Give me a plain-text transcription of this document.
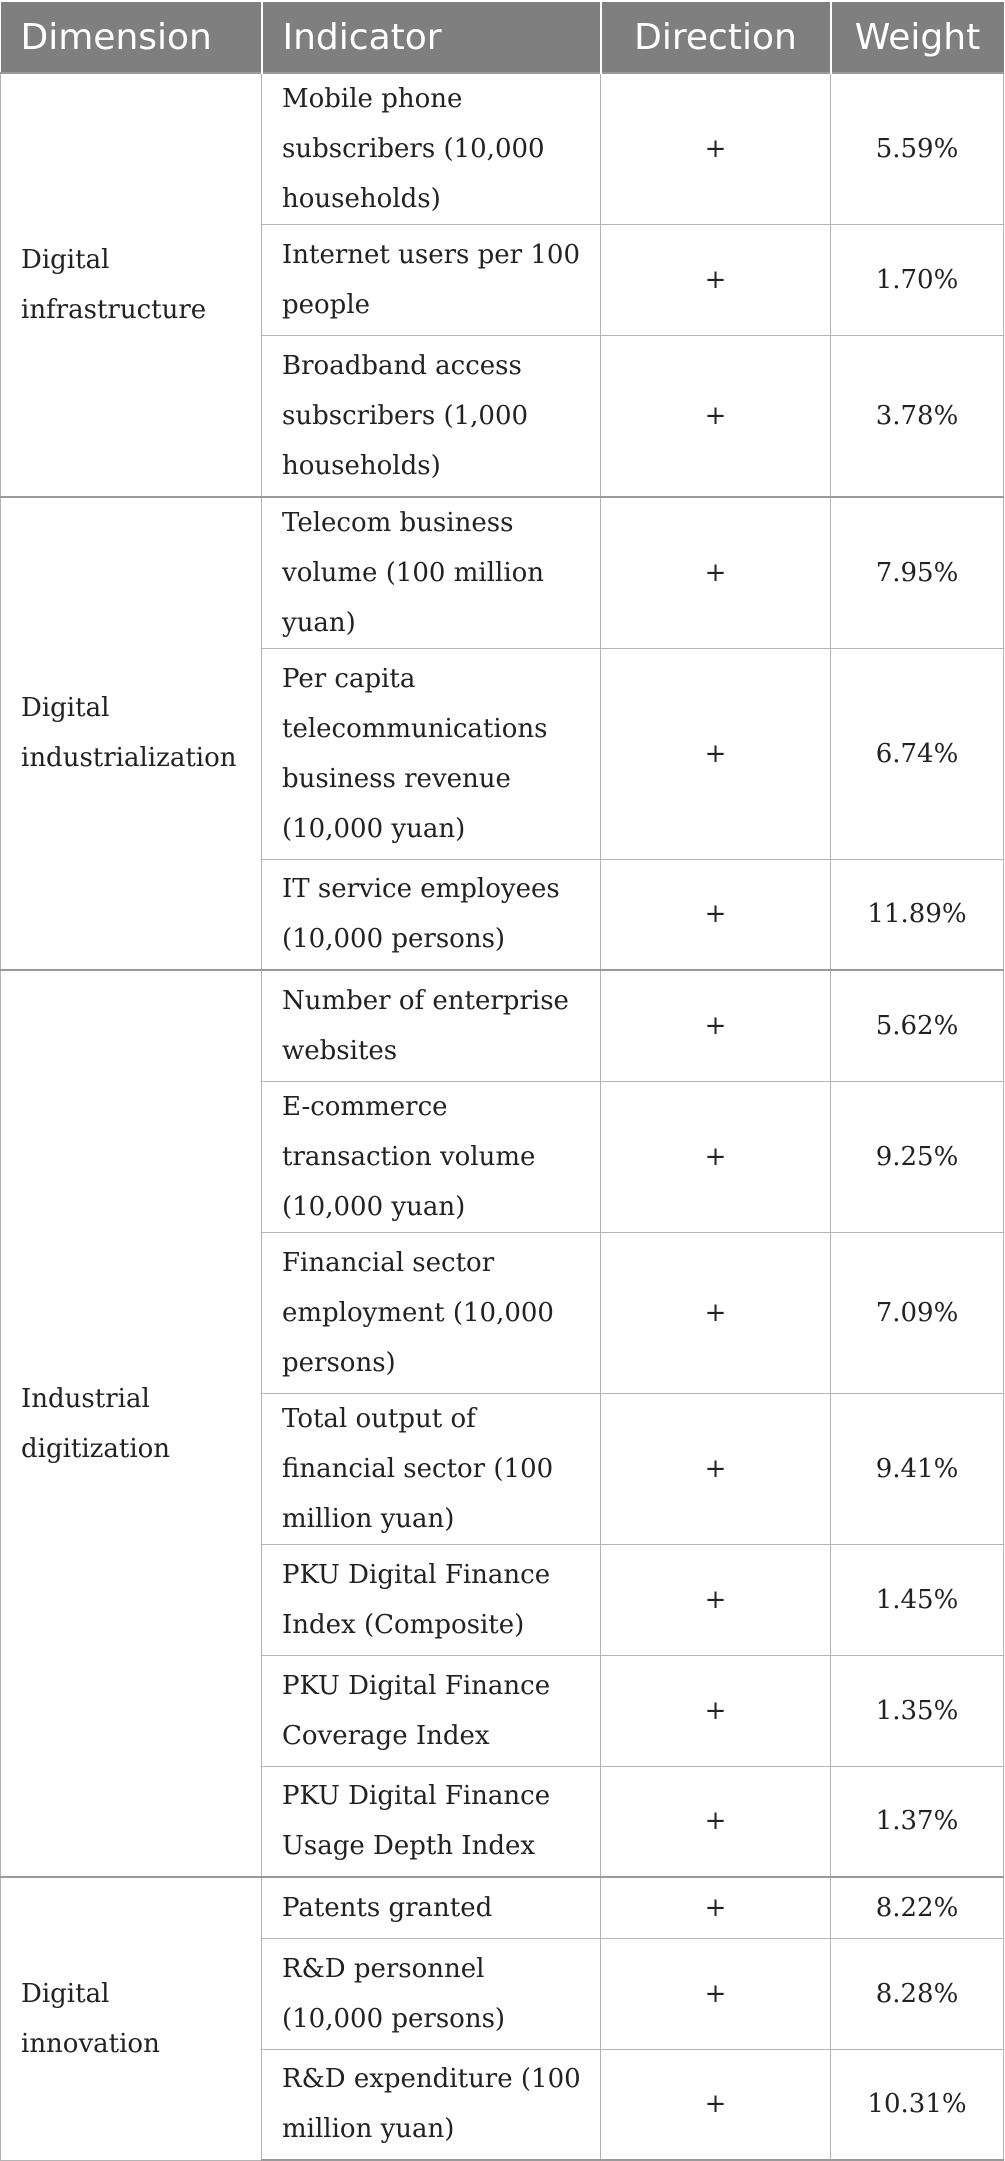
Dimension	Indicator	Direction	Weight
Digital infrastructure	Mobile phone subscribers (10,000 households)	+	5.59%
	Internet users per 100 people	+	1.70%
	Broadband access subscribers (1,000 households)	+	3.78%
Digital industrialization	Telecom business volume (100 million yuan)	+	7.95%
	Per capita telecommunications business revenue (10,000 yuan)	+	6.74%
	IT service employees (10,000 persons)	+	11.89%
Industrial digitization	Number of enterprise websites	+	5.62%
	E-commerce transaction volume (10,000 yuan)	+	9.25%
	Financial sector employment (10,000 persons)	+	7.09%
	Total output of financial sector (100 million yuan)	+	9.41%
	PKU Digital Finance Index (Composite)	+	1.45%
	PKU Digital Finance Coverage Index	+	1.35%
	PKU Digital Finance Usage Depth Index	+	1.37%
Digital innovation	Patents granted	+	8.22%
	R&D personnel (10,000 persons)	+	8.28%
	R&D expenditure (100 million yuan)	+	10.31%
